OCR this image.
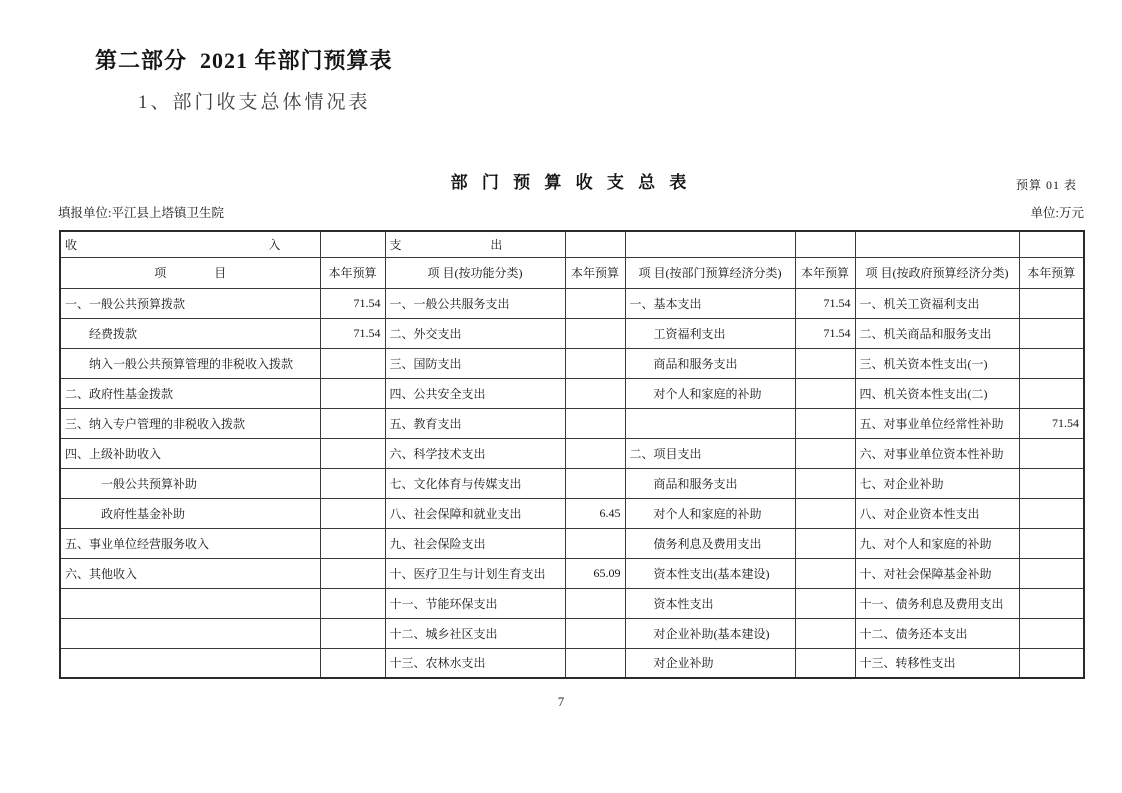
第二部分  2021 年部门预算表
1、部门收支总体情况表
部 门 预 算 收 支 总 表	预算 01 表
填报单位:平江县上塔镇卫生院	单位:万元
收 入		支 出					

项　　　　目	本年预算	项 目(按功能分类)	本年预算	项 目(按部门预算经济分类)	本年预算	项 目(按政府预算经济分类)	本年预算
一、一般公共预算拨款	71.54	一、一般公共服务支出		一、基本支出	71.54	一、机关工资福利支出	
　　经费拨款	71.54	二、外交支出		　　工资福利支出	71.54	二、机关商品和服务支出	
　　纳入一般公共预算管理的非税收入拨款		三、国防支出		　　商品和服务支出		三、机关资本性支出(一)	
二、政府性基金拨款		四、公共安全支出		　　对个人和家庭的补助		四、机关资本性支出(二)	
三、纳入专户管理的非税收入拨款		五、教育支出				五、对事业单位经常性补助	71.54
四、上级补助收入		六、科学技术支出		二、项目支出		六、对事业单位资本性补助	
　　　一般公共预算补助		七、文化体育与传媒支出		　　商品和服务支出		七、对企业补助	
　　　政府性基金补助		八、社会保障和就业支出	6.45	　　对个人和家庭的补助		八、对企业资本性支出	
五、事业单位经营服务收入		九、社会保险支出		　　债务利息及费用支出		九、对个人和家庭的补助	
六、其他收入		十、医疗卫生与计划生育支出	65.09	　　资本性支出(基本建设)		十、对社会保障基金补助	
		十一、节能环保支出		　　资本性支出		十一、债务利息及费用支出	
		十二、城乡社区支出		　　对企业补助(基本建设)		十二、债务还本支出	
		十三、农林水支出		　　对企业补助		十三、转移性支出	
7
